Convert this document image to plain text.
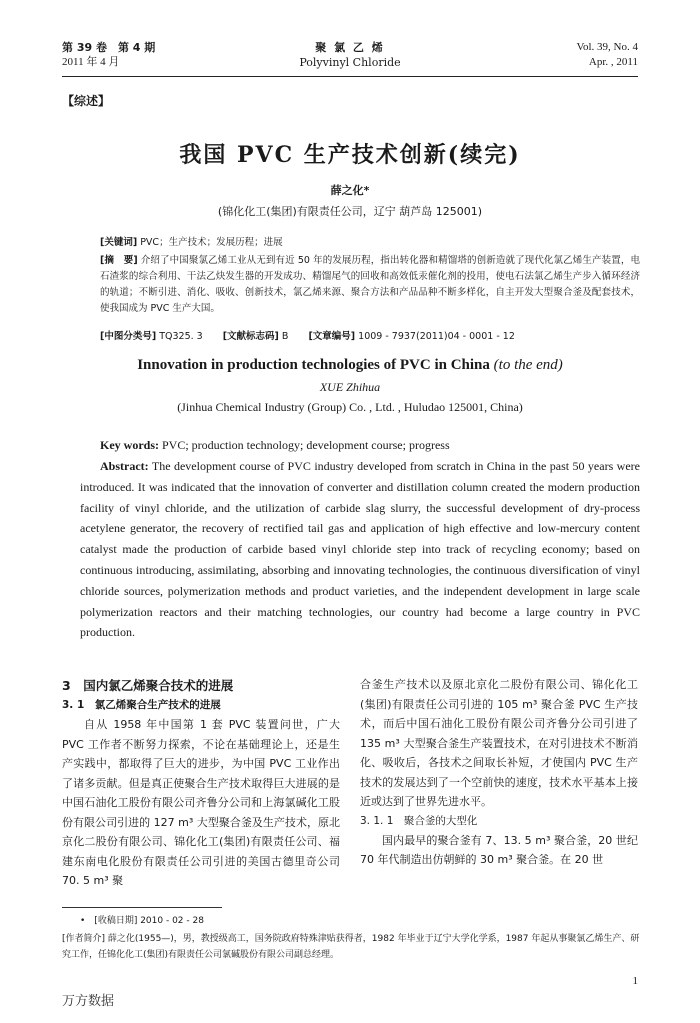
第 39 卷　第 4 期
2011 年 4 月
聚 氯 乙 烯
Polyvinyl Chloride
Vol. 39, No. 4
Apr. , 2011
【综述】
我国 PVC 生产技术创新(续完)
薛之化*
(锦化化工(集团)有限责任公司，辽宁 葫芦岛 125001)
[关键词] PVC；生产技术；发展历程；进展
[摘　要] 介绍了中国聚氯乙烯工业从无到有近 50 年的发展历程，指出转化器和精馏塔的创新造就了现代化氯乙烯生产装置，电石渣浆的综合利用、干法乙炔发生器的开发成功、精馏尾气的回收和高效低汞催化剂的投用，使电石法氯乙烯生产步入循环经济的轨道；不断引进、消化、吸收、创新技术，氯乙烯来源、聚合方法和产品品种不断多样化，自主开发大型聚合釜及配套技术，使我国成为 PVC 生产大国。
[中图分类号] TQ325. 3 [文献标志码] B [文章编号] 1009 - 7937(2011)04 - 0001 - 12
Innovation in production technologies of PVC in China (to the end)
XUE Zhihua
(Jinhua Chemical Industry (Group) Co. , Ltd. , Huludao 125001, China)
Key words: PVC; production technology; development course; progress
Abstract: The development course of PVC industry developed from scratch in China in the past 50 years were introduced. It was indicated that the innovation of converter and distillation column created the modern production facility of vinyl chloride, and the utilization of carbide slag slurry, the successful development of dry-process acetylene generator, the recovery of rectified tail gas and application of high effective and low-mercury content catalyst made the production of carbide based vinyl chloride step into track of recycling economy; based on continuous introducing, assimilating, absorbing and innovating technologies, the continuous diversification of vinyl chloride sources, polymerization methods and product varieties, and the independent development in large scale polymerization reactors and their matching technologies, our country had become a large country in PVC production.
3　国内氯乙烯聚合技术的进展
3. 1　氯乙烯聚合生产技术的进展

自从 1958 年中国第 1 套 PVC 装置问世，广大 PVC 工作者不断努力探索，不论在基础理论上，还是生产实践中，都取得了巨大的进步，为中国 PVC 工业作出了诸多贡献。但是真正使聚合生产技术取得巨大进展的是中国石油化工股份有限公司齐鲁分公司和上海氯碱化工股份有限公司引进的 127 m³ 大型聚合釜及生产技术，原北京化二股份有限公司、锦化化工(集团)有限责任公司、福建东南电化股份有限责任公司引进的美国古德里奇公司 70. 5 m³ 聚

合釜生产技术以及原北京化二股份有限公司、锦化化工(集团)有限责任公司引进的 105 m³ 聚合釜 PVC 生产技术，而后中国石油化工股份有限公司齐鲁分公司引进了 135 m³ 大型聚合釜生产装置技术，在对引进技术不断消化、吸收后，各技术之间取长补短，才使国内 PVC 生产技术的发展达到了一个空前快的速度，技术水平基本上接近或达到了世界先进水平。

3. 1. 1　聚合釜的大型化

国内最早的聚合釜有 7、13. 5 m³ 聚合釜，20 世纪 70 年代制造出仿朝鲜的 30 m³ 聚合釜。在 20 世

•　[收稿日期] 2010 - 02 - 28
[作者简介] 薛之化(1955—)，男，教授级高工，国务院政府特殊津贴获得者，1982 年毕业于辽宁大学化学系，1987 年起从事聚氯乙烯生产、研究工作，任锦化化工(集团)有限责任公司氯碱股份有限公司副总经理。
1
万方数据
